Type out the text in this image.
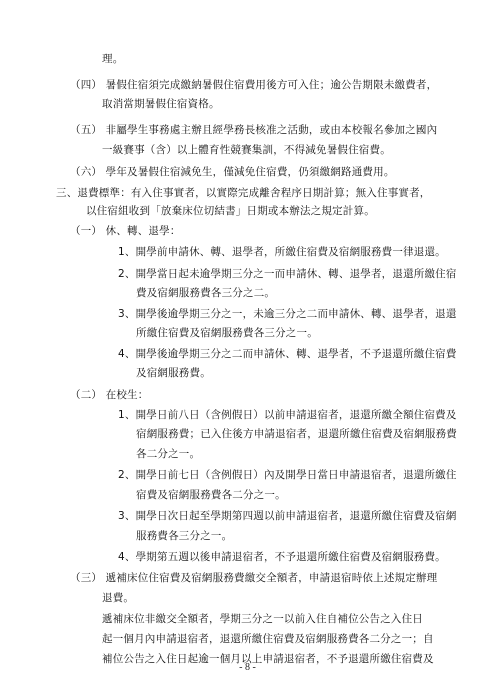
理。
（四） 暑假住宿須完成繳納暑假住宿費用後方可入住；逾公告期限未繳費者，
取消當期暑假住宿資格。
（五） 非屬學生事務處主辦且經學務長核准之活動，或由本校報名參加之國內
一級賽事（含）以上體育性競賽集訓，不得減免暑假住宿費。
（六） 學年及暑假住宿減免生，僅減免住宿費，仍須繳網路通費用。
三、退費標準：有入住事實者，以實際完成離舍程序日期計算；無入住事實者，
以住宿組收到「放棄床位切結書」日期或本辦法之規定計算。
（一） 休、轉、退學：
1、開學前申請休、轉、退學者，所繳住宿費及宿網服務費一律退還。
2、開學當日起未逾學期三分之一而申請休、轉、退學者，退還所繳住宿
費及宿網服務費各三分之二。
3、開學後逾學期三分之一，未逾三分之二而申請休、轉、退學者，退還
所繳住宿費及宿網服務費各三分之一。
4、開學後逾學期三分之二而申請休、轉、退學者，不予退還所繳住宿費
及宿網服務費。
（二） 在校生：
1、開學日前八日（含例假日）以前申請退宿者，退還所繳全額住宿費及
宿網服務費；已入住後方申請退宿者，退還所繳住宿費及宿網服務費
各二分之一。
2、開學日前七日（含例假日）內及開學日當日申請退宿者，退還所繳住
宿費及宿網服務費各二分之一。
3、開學日次日起至學期第四週以前申請退宿者，退還所繳住宿費及宿網
服務費各三分之一。
4、學期第五週以後申請退宿者，不予退還所繳住宿費及宿網服務費。
（三） 遞補床位住宿費及宿網服務費繳交全額者，申請退宿時依上述規定辦理
退費。
遞補床位非繳交全額者，學期三分之一以前入住自補位公告之入住日
起一個月內申請退宿者，退還所繳住宿費及宿網服務費各二分之一；自
補位公告之入住日起逾一個月以上申請退宿者，不予退還所繳住宿費及
- 8 -
